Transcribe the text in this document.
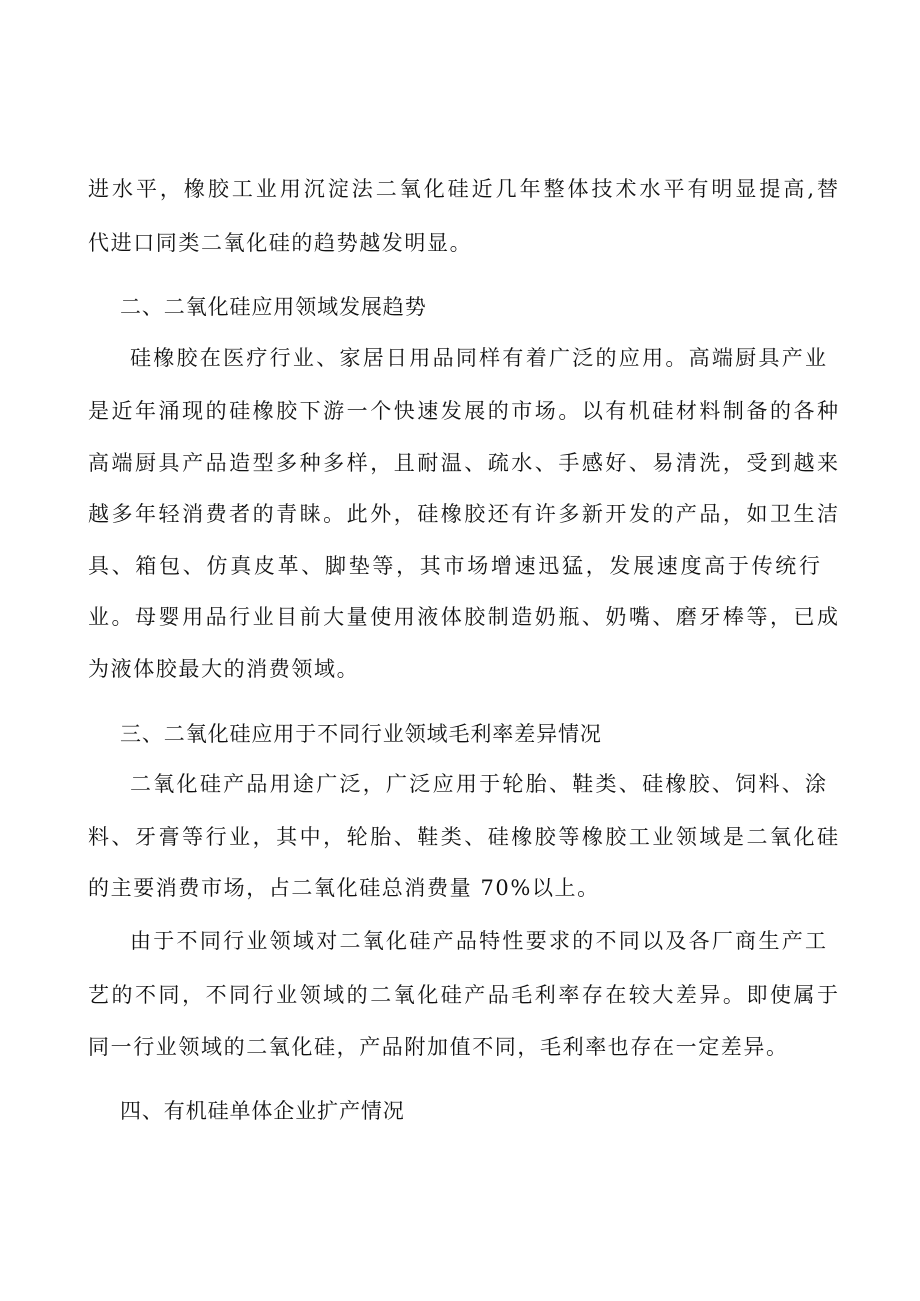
进水平，橡胶工业用沉淀法二氧化硅近几年整体技术水平有明显提高,替
代进口同类二氧化硅的趋势越发明显。
二、二氧化硅应用领域发展趋势
硅橡胶在医疗行业、家居日用品同样有着广泛的应用。高端厨具产业
是近年涌现的硅橡胶下游一个快速发展的市场。以有机硅材料制备的各种
高端厨具产品造型多种多样，且耐温、疏水、手感好、易清洗，受到越来
越多年轻消费者的青睐。此外，硅橡胶还有许多新开发的产品，如卫生洁
具、箱包、仿真皮革、脚垫等，其市场增速迅猛，发展速度高于传统行
业。母婴用品行业目前大量使用液体胶制造奶瓶、奶嘴、磨牙棒等，已成
为液体胶最大的消费领域。
三、二氧化硅应用于不同行业领域毛利率差异情况
二氧化硅产品用途广泛，广泛应用于轮胎、鞋类、硅橡胶、饲料、涂
料、牙膏等行业，其中，轮胎、鞋类、硅橡胶等橡胶工业领域是二氧化硅
的主要消费市场，占二氧化硅总消费量 70%以上。
由于不同行业领域对二氧化硅产品特性要求的不同以及各厂商生产工
艺的不同，不同行业领域的二氧化硅产品毛利率存在较大差异。即使属于
同一行业领域的二氧化硅，产品附加值不同，毛利率也存在一定差异。
四、有机硅单体企业扩产情况
